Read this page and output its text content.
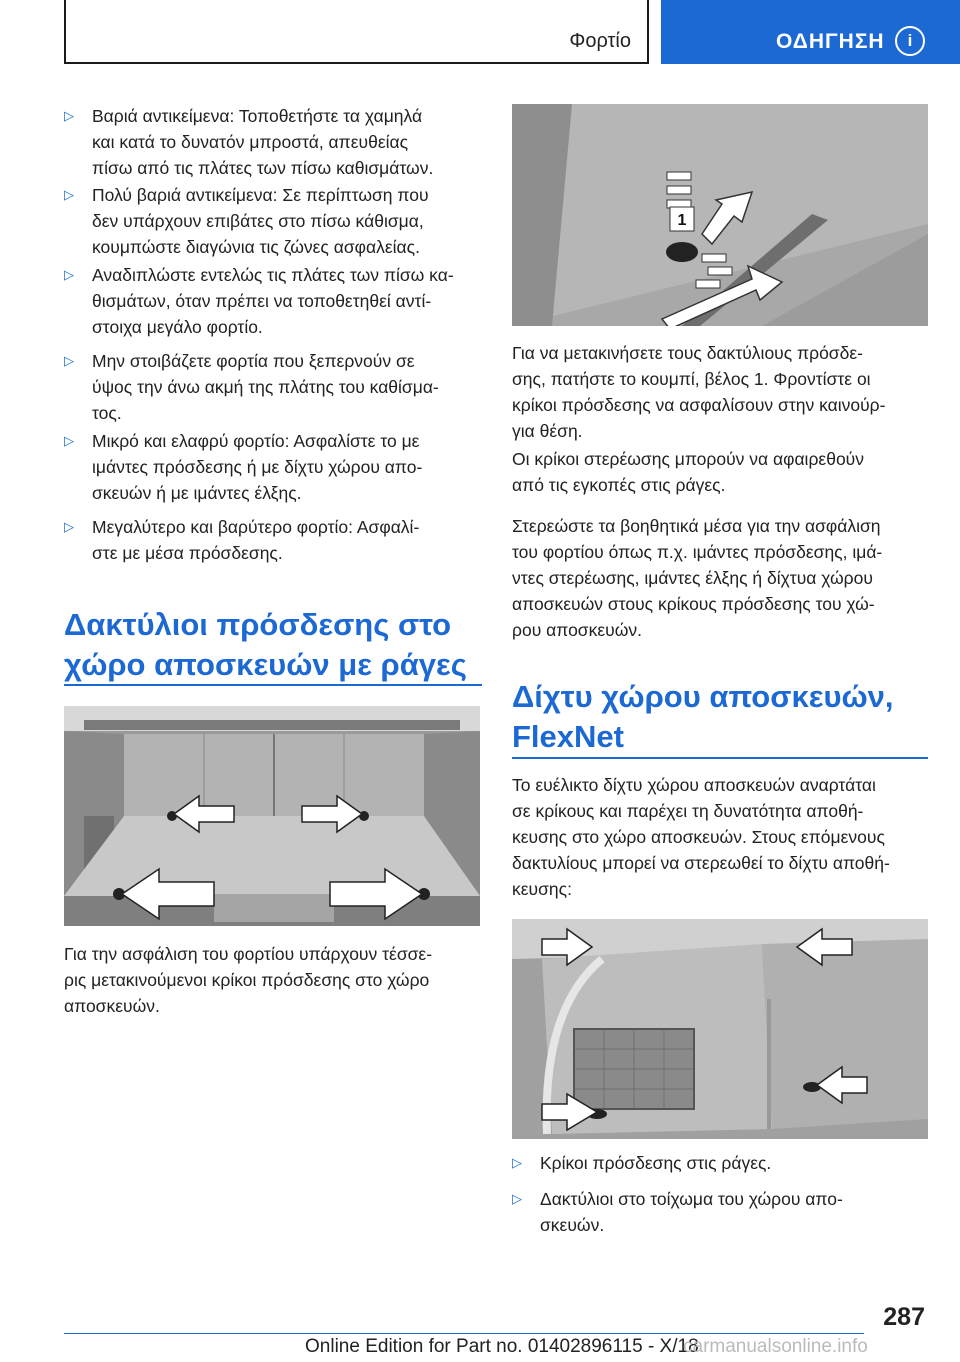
Φορτίο	ΟΔΗΓΗΣΗ	i
▷ Βαριά αντικείμενα: Τοποθετήστε τα χαμηλά
και κατά το δυνατόν μπροστά, απευθείας
πίσω από τις πλάτες των πίσω καθισμάτων.
▷ Πολύ βαριά αντικείμενα: Σε περίπτωση που
δεν υπάρχουν επιβάτες στο πίσω κάθισμα,
κουμπώστε διαγώνια τις ζώνες ασφαλείας.
▷ Αναδιπλώστε εντελώς τις πλάτες των πίσω κα-
θισμάτων, όταν πρέπει να τοποθετηθεί αντί-
στοιχα μεγάλο φορτίο.
▷ Μην στοιβάζετε φορτία που ξεπερνούν σε
ύψος την άνω ακμή της πλάτης του καθίσμα-
τος.
▷ Μικρό και ελαφρύ φορτίο: Ασφαλίστε το με
ιμάντες πρόσδεσης ή με δίχτυ χώρου απο-
σκευών ή με ιμάντες έλξης.
▷ Μεγαλύτερο και βαρύτερο φορτίο: Ασφαλί-
στε με μέσα πρόσδεσης.
Δακτύλιοι πρόσδεσης στο
χώρο αποσκευών με ράγες
Για την ασφάλιση του φορτίου υπάρχουν τέσσε-
ρις μετακινούμενοι κρίκοι πρόσδεσης στο χώρο
αποσκευών.
1
Για να μετακινήσετε τους δακτύλιους πρόσδε-
σης, πατήστε το κουμπί, βέλος 1. Φροντίστε οι
κρίκοι πρόσδεσης να ασφαλίσουν στην καινούρ-
για θέση.
Οι κρίκοι στερέωσης μπορούν να αφαιρεθούν
από τις εγκοπές στις ράγες.
Στερεώστε τα βοηθητικά μέσα για την ασφάλιση
του φορτίου όπως π.χ. ιμάντες πρόσδεσης, ιμά-
ντες στερέωσης, ιμάντες έλξης ή δίχτυα χώρου
αποσκευών στους κρίκους πρόσδεσης του χώ-
ρου αποσκευών.
Δίχτυ χώρου αποσκευών,
FlexNet
Το ευέλικτο δίχτυ χώρου αποσκευών αναρτάται
σε κρίκους και παρέχει τη δυνατότητα αποθή-
κευσης στο χώρο αποσκευών. Στους επόμενους
δακτυλίους μπορεί να στερεωθεί το δίχτυ αποθή-
κευσης:
▷ Κρίκοι πρόσδεσης στις ράγες.
▷ Δακτύλιοι στο τοίχωμα του χώρου απο-
σκευών.
287
Online Edition for Part no. 01402896115 - X/18
carmanualsonline.info
